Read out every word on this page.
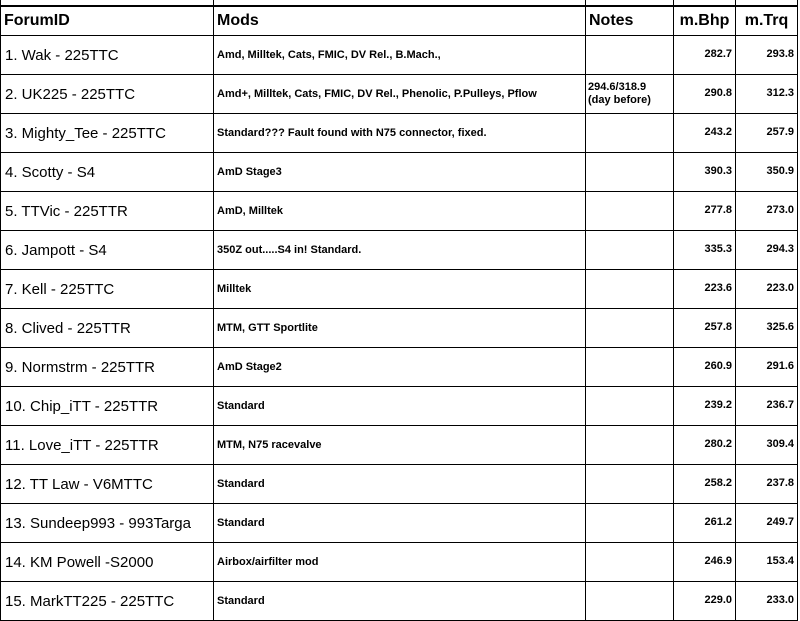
ForumID	Mods	Notes	m.Bhp	m.Trq
1. Wak - 225TTC	Amd, Milltek, Cats, FMIC, DV Rel., B.Mach.,		282.7	293.8
2. UK225 - 225TTC	Amd+, Milltek, Cats, FMIC, DV Rel., Phenolic, P.Pulleys, Pflow	294.6/318.9 (day before)	290.8	312.3
3. Mighty_Tee - 225TTC	Standard??? Fault found with N75 connector, fixed.		243.2	257.9
4. Scotty - S4	AmD Stage3		390.3	350.9
5. TTVic - 225TTR	AmD, Milltek		277.8	273.0
6. Jampott - S4	350Z out.....S4 in! Standard.		335.3	294.3
7. Kell - 225TTC	Milltek		223.6	223.0
8. Clived - 225TTR	MTM, GTT Sportlite		257.8	325.6
9. Normstrm - 225TTR	AmD Stage2		260.9	291.6
10. Chip_iTT - 225TTR	Standard		239.2	236.7
11. Love_iTT - 225TTR	MTM, N75 racevalve		280.2	309.4
12. TT Law - V6MTTC	Standard		258.2	237.8
13. Sundeep993 - 993Targa	Standard		261.2	249.7
14. KM Powell -S2000	Airbox/airfilter mod		246.9	153.4
15. MarkTT225 - 225TTC	Standard		229.0	233.0
